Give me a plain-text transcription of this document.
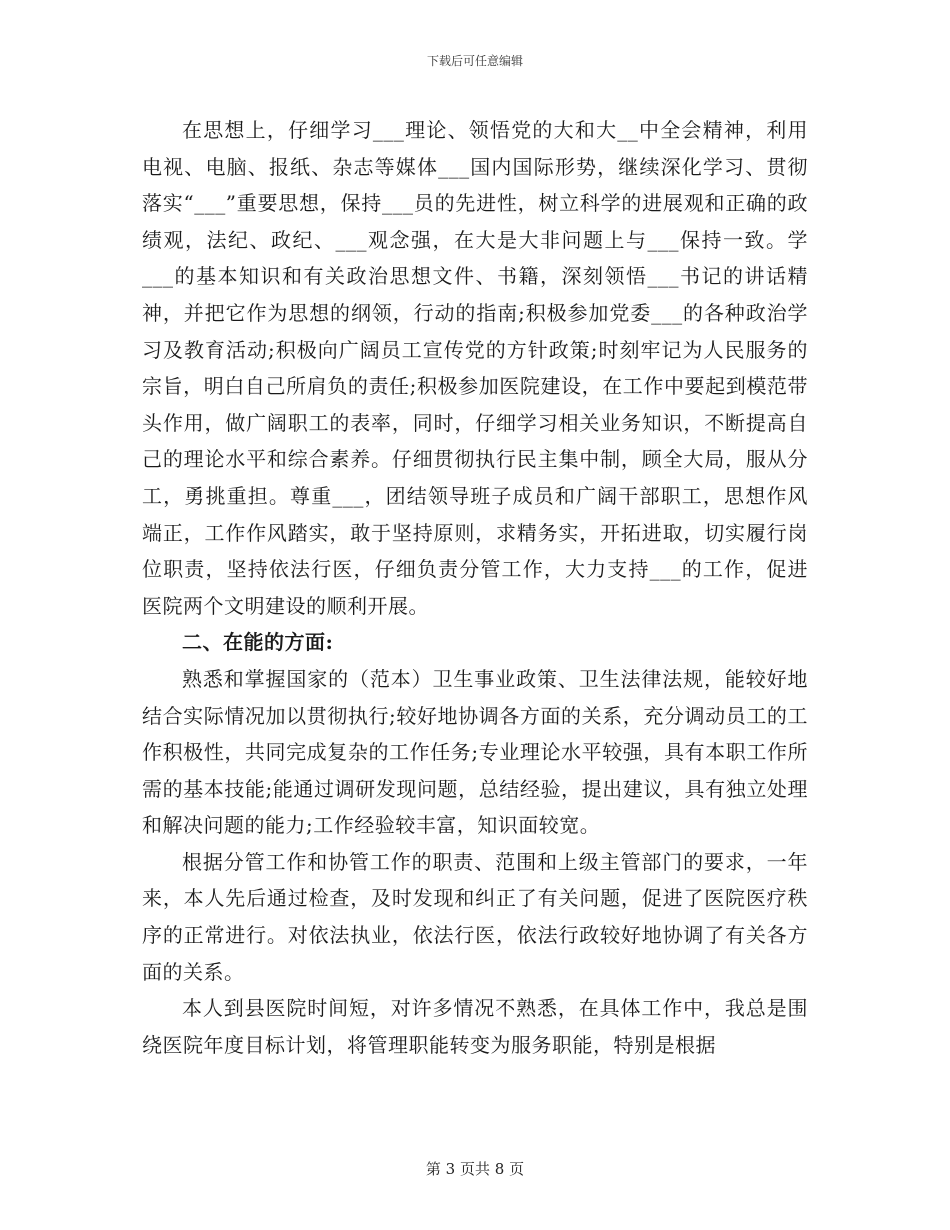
下载后可任意编辑

在思想上，仔细学习___理论、领悟党的大和大__中全会精神，利用电视、电脑、报纸、杂志等媒体___国内国际形势，继续深化学习、贯彻落实“___”重要思想，保持___员的先进性，树立科学的进展观和正确的政绩观，法纪、政纪、___观念强，在大是大非问题上与___保持一致。学___的基本知识和有关政治思想文件、书籍，深刻领悟___书记的讲话精神，并把它作为思想的纲领，行动的指南;积极参加党委___的各种政治学习及教育活动;积极向广阔员工宣传党的方针政策;时刻牢记为人民服务的宗旨，明白自己所肩负的责任;积极参加医院建设，在工作中要起到模范带头作用，做广阔职工的表率，同时，仔细学习相关业务知识，不断提高自己的理论水平和综合素养。仔细贯彻执行民主集中制，顾全大局，服从分工，勇挑重担。尊重___，团结领导班子成员和广阔干部职工，思想作风端正，工作作风踏实，敢于坚持原则，求精务实，开拓进取，切实履行岗位职责，坚持依法行医，仔细负责分管工作，大力支持___的工作，促进医院两个文明建设的顺利开展。

二、在能的方面:

熟悉和掌握国家的（范本）卫生事业政策、卫生法律法规，能较好地结合实际情况加以贯彻执行;较好地协调各方面的关系，充分调动员工的工作积极性，共同完成复杂的工作任务;专业理论水平较强，具有本职工作所需的基本技能;能通过调研发现问题，总结经验，提出建议，具有独立处理和解决问题的能力;工作经验较丰富，知识面较宽。

根据分管工作和协管工作的职责、范围和上级主管部门的要求，一年来，本人先后通过检查，及时发现和纠正了有关问题，促进了医院医疗秩序的正常进行。对依法执业，依法行医，依法行政较好地协调了有关各方面的关系。

本人到县医院时间短，对许多情况不熟悉，在具体工作中，我总是围绕医院年度目标计划，将管理职能转变为服务职能，特别是根据

第 3 页共 8 页
